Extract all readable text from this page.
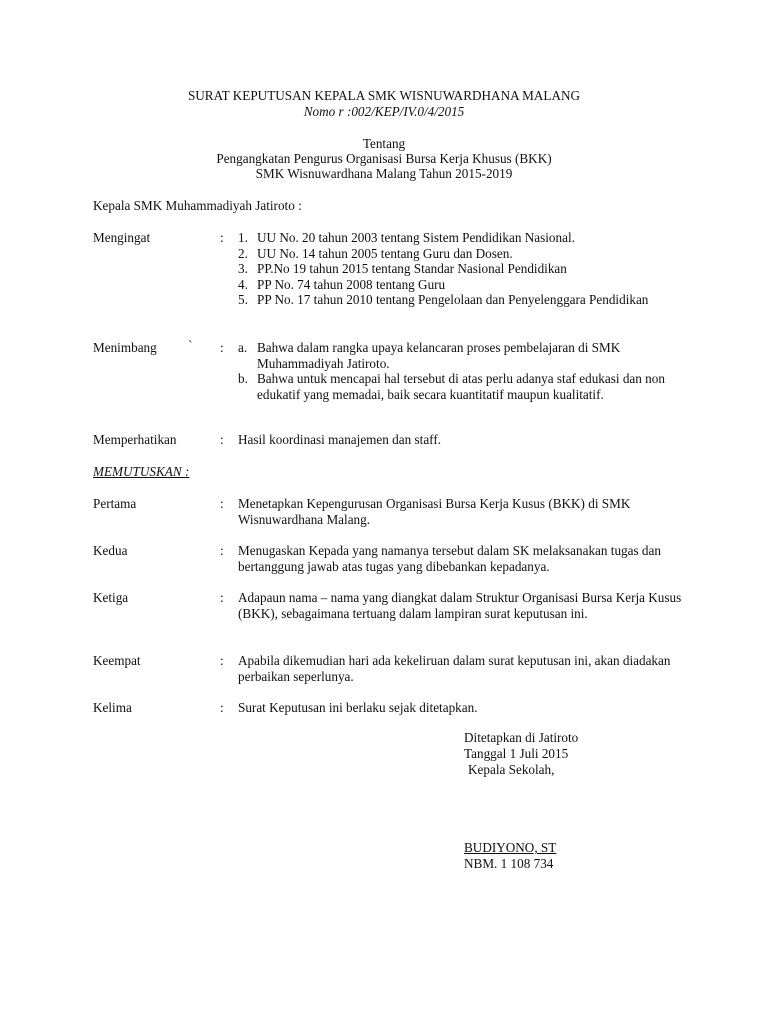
SURAT KEPUTUSAN KEPALA SMK WISNUWARDHANA MALANG
Nomo r :002/KEP/IV.0/4/2015
Tentang
Pengangkatan Pengurus Organisasi Bursa Kerja Khusus (BKK)
SMK Wisnuwardhana Malang Tahun 2015-2019
Kepala SMK Muhammadiyah Jatiroto :
Mengingat	: 1. UU No. 20 tahun 2003 tentang Sistem Pendidikan Nasional.
2. UU No. 14 tahun 2005 tentang Guru dan Dosen.
3. PP.No 19 tahun 2015 tentang Standar Nasional Pendidikan
4. PP No. 74 tahun 2008 tentang Guru
5. PP No. 17 tahun 2010 tentang Pengelolaan dan Penyelenggara Pendidikan
Menimbang ` : a. Bahwa dalam rangka upaya kelancaran proses pembelajaran di SMK Muhammadiyah Jatiroto.
b. Bahwa untuk mencapai hal tersebut di atas perlu adanya staf edukasi dan non edukatif yang memadai, baik secara kuantitatif maupun kualitatif.
Memperhatikan	: Hasil koordinasi manajemen dan staff.
MEMUTUSKAN :
Pertama	: Menetapkan Kepengurusan Organisasi Bursa Kerja Kusus (BKK) di SMK Wisnuwardhana Malang.
Kedua	: Menugaskan Kepada yang namanya tersebut dalam SK melaksanakan tugas dan bertanggung jawab atas tugas yang dibebankan kepadanya.
Ketiga	: Adapaun nama – nama yang diangkat dalam Struktur Organisasi Bursa Kerja Kusus (BKK), sebagaimana tertuang dalam lampiran surat keputusan ini.
Keempat	: Apabila dikemudian hari ada kekeliruan dalam surat keputusan ini, akan diadakan perbaikan seperlunya.
Kelima	: Surat Keputusan ini berlaku sejak ditetapkan.
Ditetapkan di Jatiroto
Tanggal 1 Juli 2015
Kepala Sekolah,
BUDIYONO, ST
NBM. 1 108 734
